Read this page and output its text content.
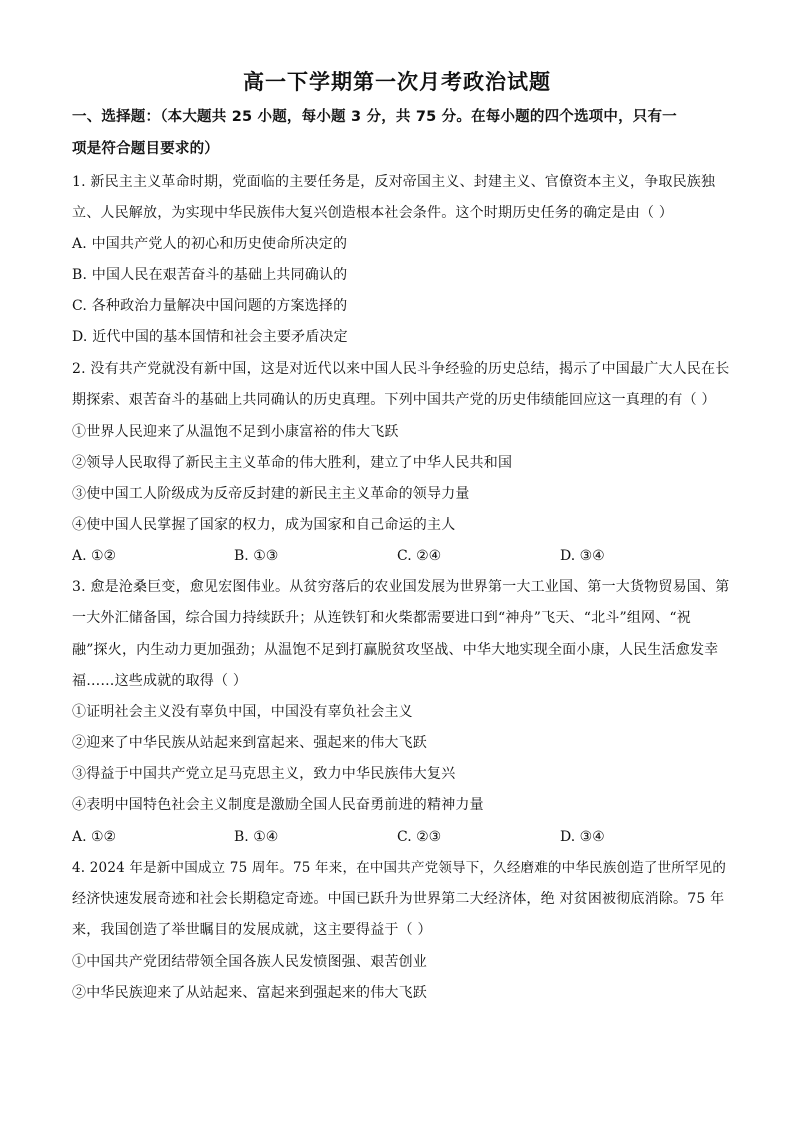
高一下学期第一次月考政治试题
一、选择题：（本大题共 25 小题，每小题 3 分，共 75 分。在每小题的四个选项中，只有一
项是符合题目要求的）
1. 新民主主义革命时期，党面临的主要任务是，反对帝国主义、封建主义、官僚资本主义，争取民族独
立、人民解放，为实现中华民族伟大复兴创造根本社会条件。这个时期历史任务的确定是由（ ）
A. 中国共产党人的初心和历史使命所决定的
B. 中国人民在艰苦奋斗的基础上共同确认的
C. 各种政治力量解决中国问题的方案选择的
D. 近代中国的基本国情和社会主要矛盾决定
2. 没有共产党就没有新中国，这是对近代以来中国人民斗争经验的历史总结，揭示了中国最广大人民在长
期探索、艰苦奋斗的基础上共同确认的历史真理。下列中国共产党的历史伟绩能回应这一真理的有（ ）
①世界人民迎来了从温饱不足到小康富裕的伟大飞跃
②领导人民取得了新民主主义革命的伟大胜利，建立了中华人民共和国
③使中国工人阶级成为反帝反封建的新民主主义革命的领导力量
④使中国人民掌握了国家的权力，成为国家和自己命运的主人
A. ①②	B. ①③	C. ②④	D. ③④
3. 愈是沧桑巨变，愈见宏图伟业。从贫穷落后的农业国发展为世界第一大工业国、第一大货物贸易国、第
一大外汇储备国，综合国力持续跃升；从连铁钉和火柴都需要进口到“神舟”飞天、“北斗”组网、“祝
融”探火，内生动力更加强劲；从温饱不足到打赢脱贫攻坚战、中华大地实现全面小康，人民生活愈发幸
福……这些成就的取得（ ）
①证明社会主义没有辜负中国，中国没有辜负社会主义
②迎来了中华民族从站起来到富起来、强起来的伟大飞跃
③得益于中国共产党立足马克思主义，致力中华民族伟大复兴
④表明中国特色社会主义制度是激励全国人民奋勇前进的精神力量
A. ①②	B. ①④	C. ②③	D. ③④
4. 2024 年是新中国成立 75 周年。75 年来，在中国共产党领导下，久经磨难的中华民族创造了世所罕见的
经济快速发展奇迹和社会长期稳定奇迹。中国已跃升为世界第二大经济体，绝 对贫困被彻底消除。75 年
来，我国创造了举世瞩目的发展成就，这主要得益于（ ）
①中国共产党团结带领全国各族人民发愤图强、艰苦创业
②中华民族迎来了从站起来、富起来到强起来的伟大飞跃
